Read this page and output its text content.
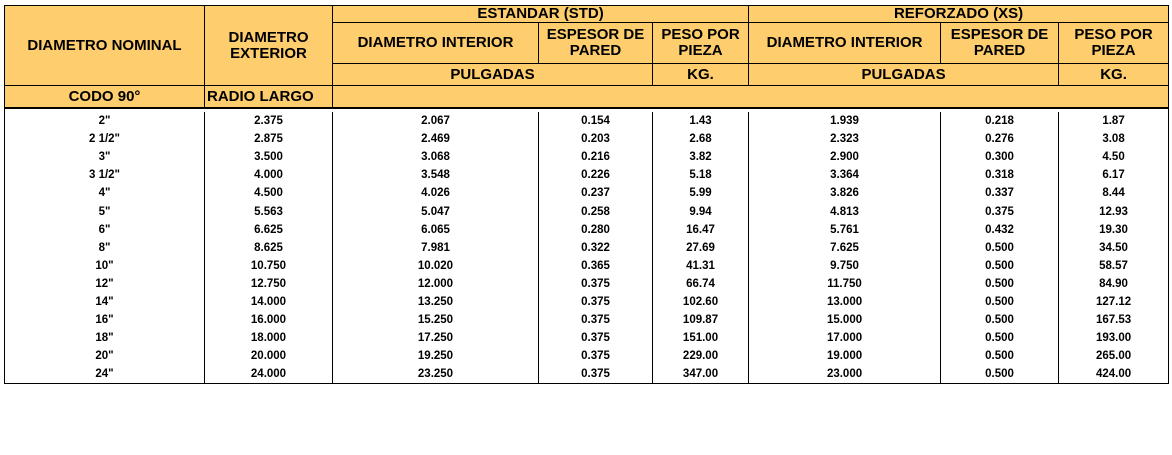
DIAMETRO NOMINAL	DIAMETRO EXTERIOR	ESTANDAR (STD)			REFORZADO (XS)		
		DIAMETRO INTERIOR	ESPESOR DE PARED	PESO POR PIEZA	DIAMETRO INTERIOR	ESPESOR DE PARED	PESO POR PIEZA
		PULGADAS		KG.	PULGADAS		KG.
CODO 90°	RADIO LARGO						

2"	2.375	2.067	0.154	1.43	1.939	0.218	1.87
2 1/2"	2.875	2.469	0.203	2.68	2.323	0.276	3.08
3"	3.500	3.068	0.216	3.82	2.900	0.300	4.50
3 1/2"	4.000	3.548	0.226	5.18	3.364	0.318	6.17
4"	4.500	4.026	0.237	5.99	3.826	0.337	8.44
5"	5.563	5.047	0.258	9.94	4.813	0.375	12.93
6"	6.625	6.065	0.280	16.47	5.761	0.432	19.30
8"	8.625	7.981	0.322	27.69	7.625	0.500	34.50
10"	10.750	10.020	0.365	41.31	9.750	0.500	58.57
12"	12.750	12.000	0.375	66.74	11.750	0.500	84.90
14"	14.000	13.250	0.375	102.60	13.000	0.500	127.12
16"	16.000	15.250	0.375	109.87	15.000	0.500	167.53
18"	18.000	17.250	0.375	151.00	17.000	0.500	193.00
20"	20.000	19.250	0.375	229.00	19.000	0.500	265.00
24"	24.000	23.250	0.375	347.00	23.000	0.500	424.00
